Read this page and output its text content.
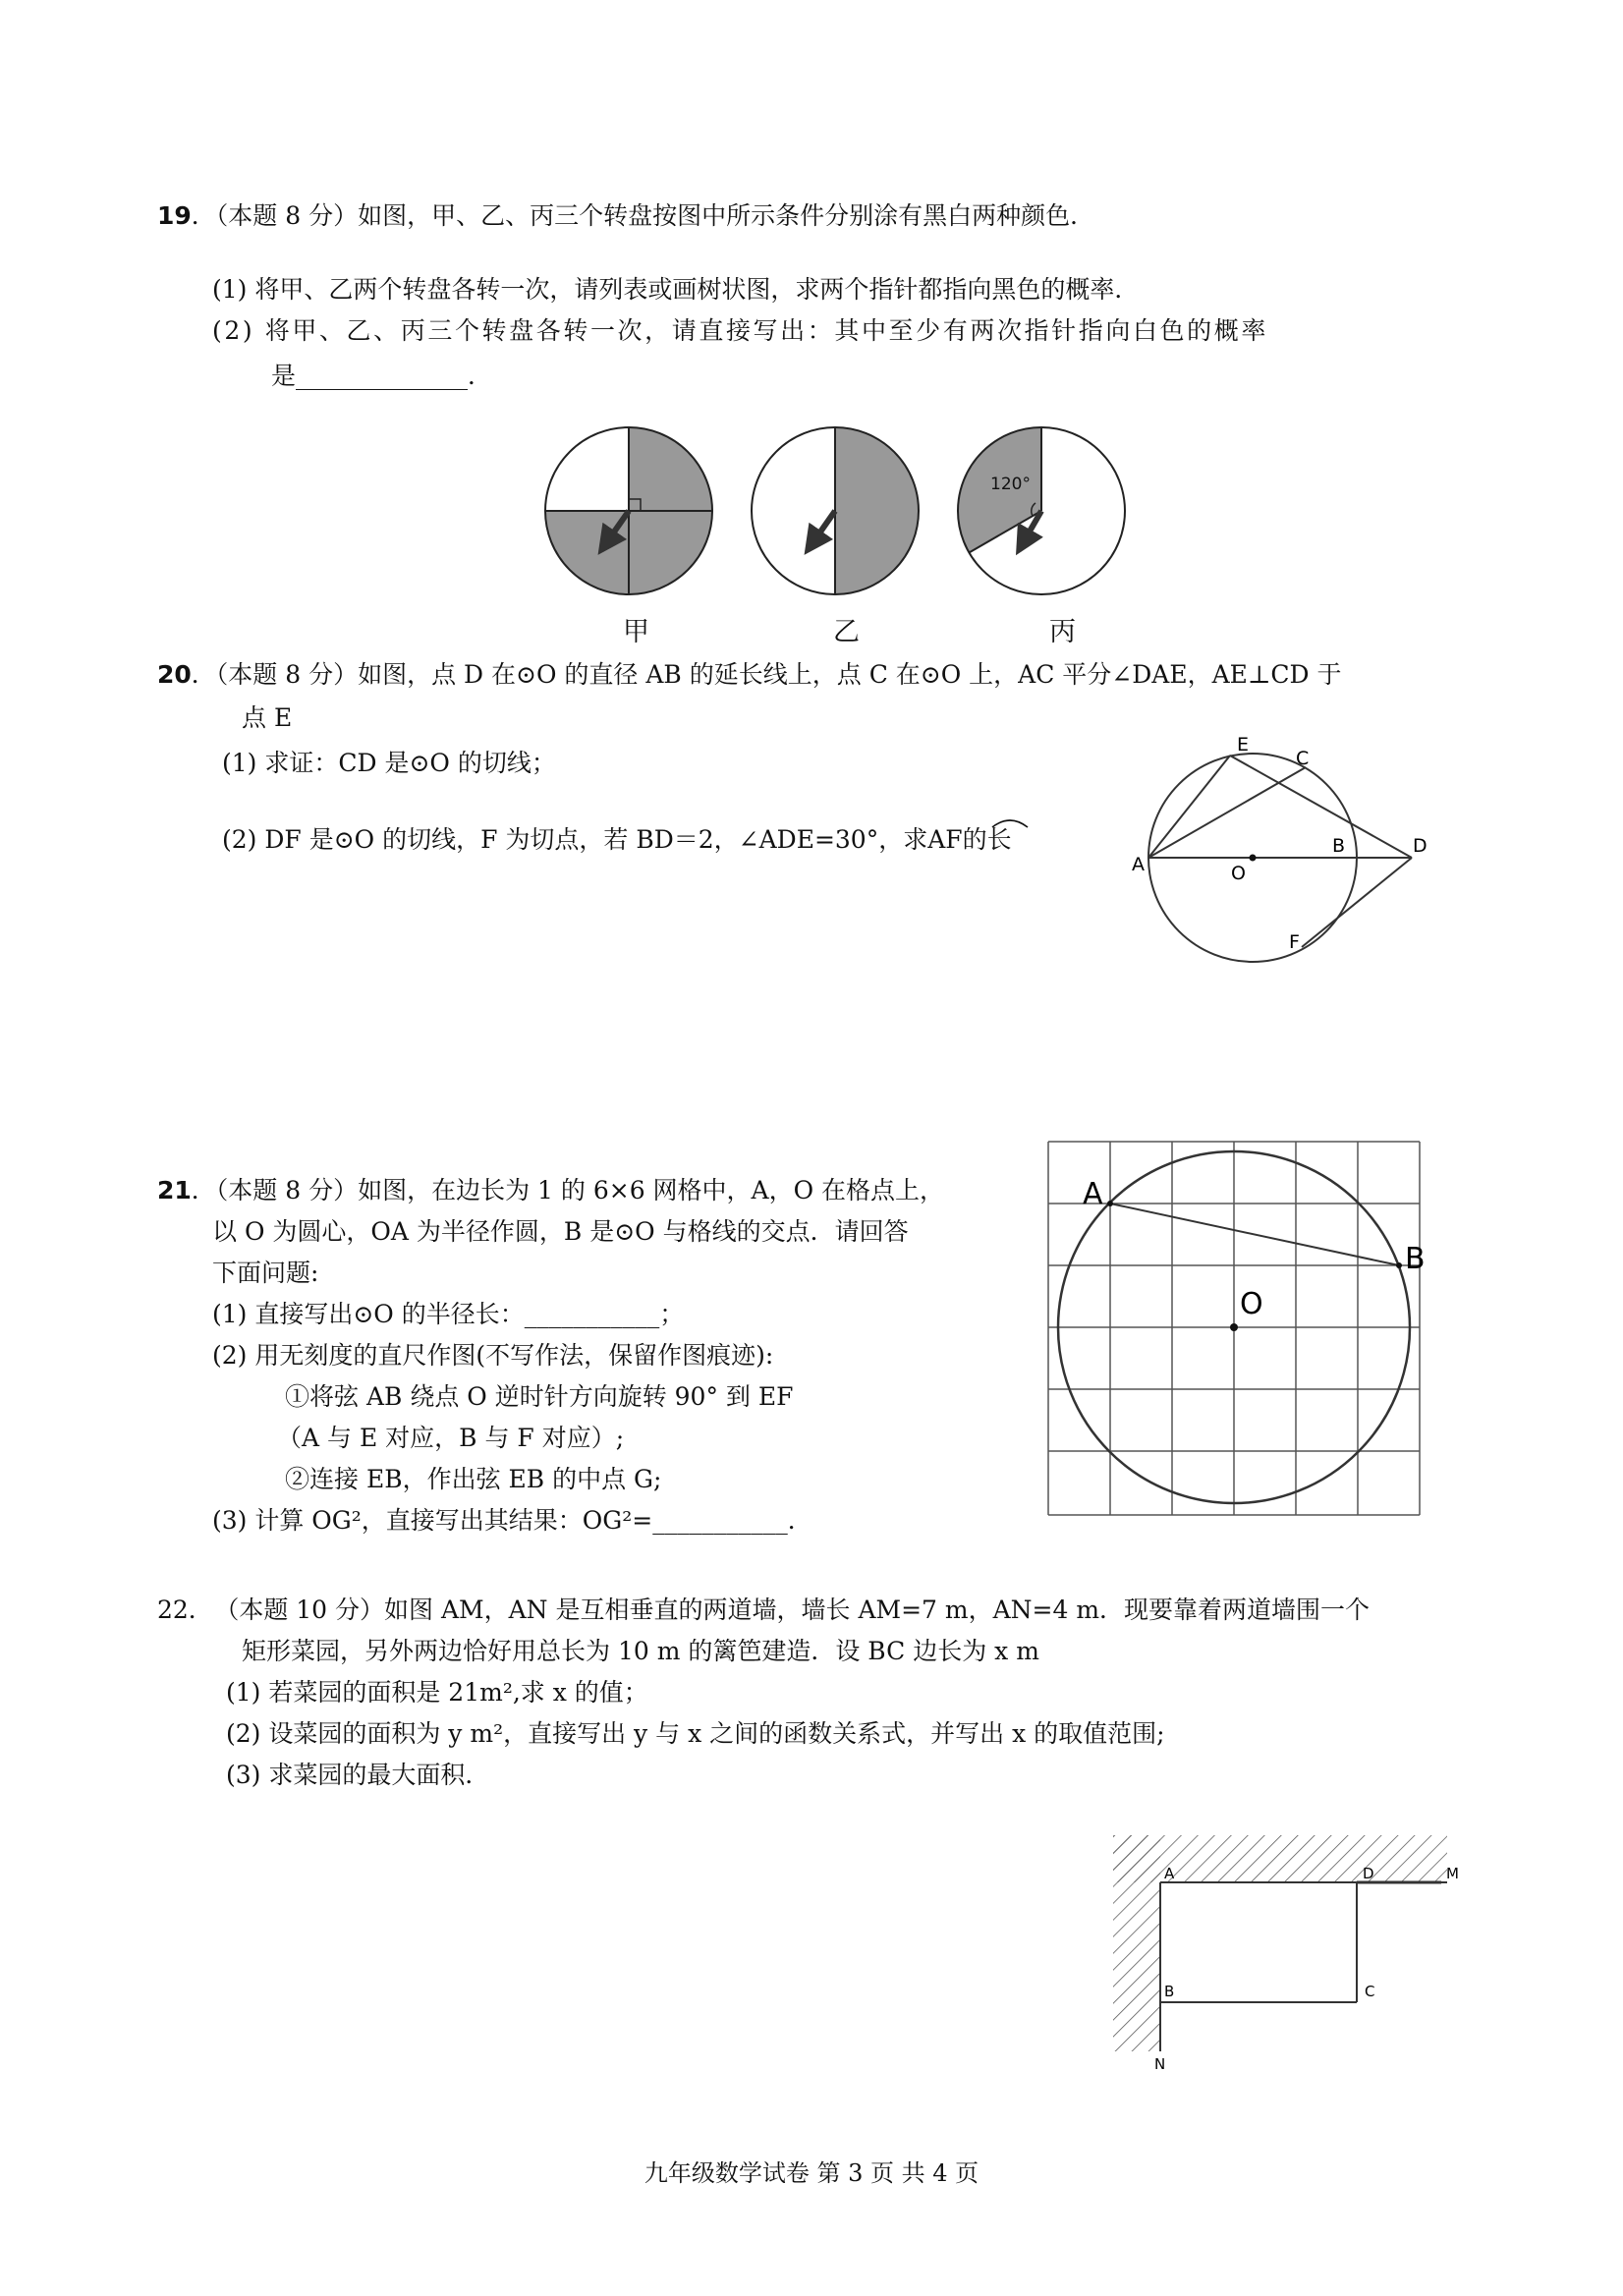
19．（本题 8 分）如图，甲、乙、丙三个转盘按图中所示条件分别涂有黑白两种颜色．
(1) 将甲、乙两个转盘各转一次，请列表或画树状图，求两个指针都指向黑色的概率．
(2) 将甲、乙、丙三个转盘各转一次，请直接写出：其中至少有两次指针指向白色的概率
是______________．
120°
甲	乙	丙
20．（本题 8 分）如图，点 D 在⊙O 的直径 AB 的延长线上，点 C 在⊙O 上，AC 平分∠DAE，AE⊥CD 于
点 E
(1) 求证：CD 是⊙O 的切线；
(2) DF 是⊙O 的切线，F 为切点，若 BD＝2，∠ADE=30°，求AF的长
E
C
A	O
B	D
F
21．（本题 8 分）如图，在边长为 1 的 6×6 网格中，A，O 在格点上，
以 O 为圆心，OA 为半径作圆，B 是⊙O 与格线的交点．请回答
下面问题:
(1) 直接写出⊙O 的半径长：___________；
(2) 用无刻度的直尺作图(不写作法，保留作图痕迹):
①将弦 AB 绕点 O 逆时针方向旋转 90° 到 EF
（A 与 E 对应，B 与 F 对应）;
②连接 EB，作出弦 EB 的中点 G;
(3) 计算 OG²，直接写出其结果：OG²=___________．
A
B
O
22． （本题 10 分）如图 AM，AN 是互相垂直的两道墙，墙长 AM=7 m，AN=4 m．现要靠着两道墙围一个
矩形菜园，另外两边恰好用总长为 10 m 的篱笆建造．设 BC 边长为 x m
(1) 若菜园的面积是 21m²,求 x 的值；
(2) 设菜园的面积为 y m²，直接写出 y 与 x 之间的函数关系式，并写出 x 的取值范围;
(3) 求菜园的最大面积．
A	D	M
B	C
N
九年级数学试卷 第 3 页 共 4 页
